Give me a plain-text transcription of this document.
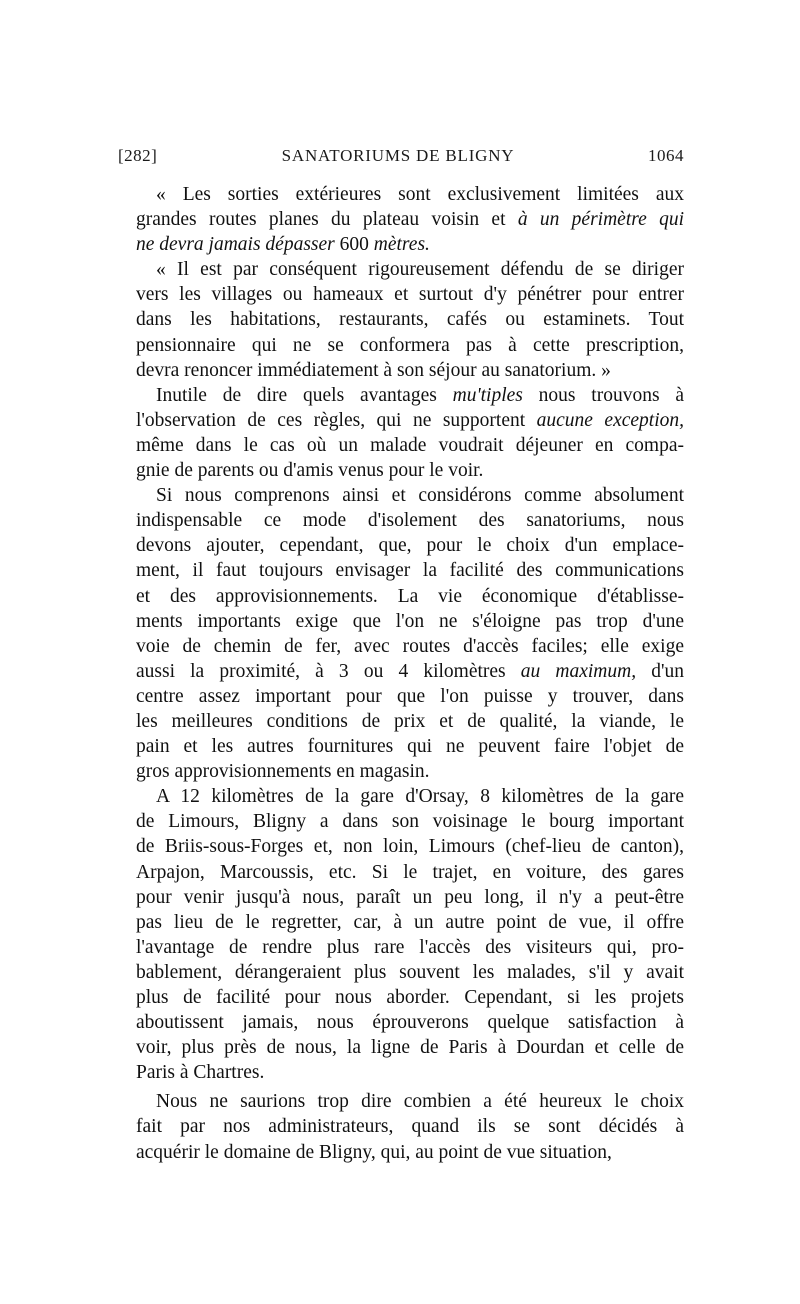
[282]	SANATORIUMS DE BLIGNY	1064
« Les sorties extérieures sont exclusivement limitées aux
grandes routes planes du plateau voisin et à un périmètre qui
ne devra jamais dépasser 600 mètres.
« Il est par conséquent rigoureusement défendu de se diriger
vers les villages ou hameaux et surtout d'y pénétrer pour entrer
dans les habitations, restaurants, cafés ou estaminets. Tout
pensionnaire qui ne se conformera pas à cette prescription,
devra renoncer immédiatement à son séjour au sanatorium. »
Inutile de dire quels avantages mu'tiples nous trouvons à
l'observation de ces règles, qui ne supportent aucune exception,
même dans le cas où un malade voudrait déjeuner en compa-
gnie de parents ou d'amis venus pour le voir.
Si nous comprenons ainsi et considérons comme absolument
indispensable ce mode d'isolement des sanatoriums, nous
devons ajouter, cependant, que, pour le choix d'un emplace-
ment, il faut toujours envisager la facilité des communications
et des approvisionnements. La vie économique d'établisse-
ments importants exige que l'on ne s'éloigne pas trop d'une
voie de chemin de fer, avec routes d'accès faciles; elle exige
aussi la proximité, à 3 ou 4 kilomètres au maximum, d'un
centre assez important pour que l'on puisse y trouver, dans
les meilleures conditions de prix et de qualité, la viande, le
pain et les autres fournitures qui ne peuvent faire l'objet de
gros approvisionnements en magasin.
A 12 kilomètres de la gare d'Orsay, 8 kilomètres de la gare
de Limours, Bligny a dans son voisinage le bourg important
de Briis-sous-Forges et, non loin, Limours (chef-lieu de canton),
Arpajon, Marcoussis, etc. Si le trajet, en voiture, des gares
pour venir jusqu'à nous, paraît un peu long, il n'y a peut-être
pas lieu de le regretter, car, à un autre point de vue, il offre
l'avantage de rendre plus rare l'accès des visiteurs qui, pro-
bablement, dérangeraient plus souvent les malades, s'il y avait
plus de facilité pour nous aborder. Cependant, si les projets
aboutissent jamais, nous éprouverons quelque satisfaction à
voir, plus près de nous, la ligne de Paris à Dourdan et celle de
Paris à Chartres.
Nous ne saurions trop dire combien a été heureux le choix
fait par nos administrateurs, quand ils se sont décidés à
acquérir le domaine de Bligny, qui, au point de vue situation,
